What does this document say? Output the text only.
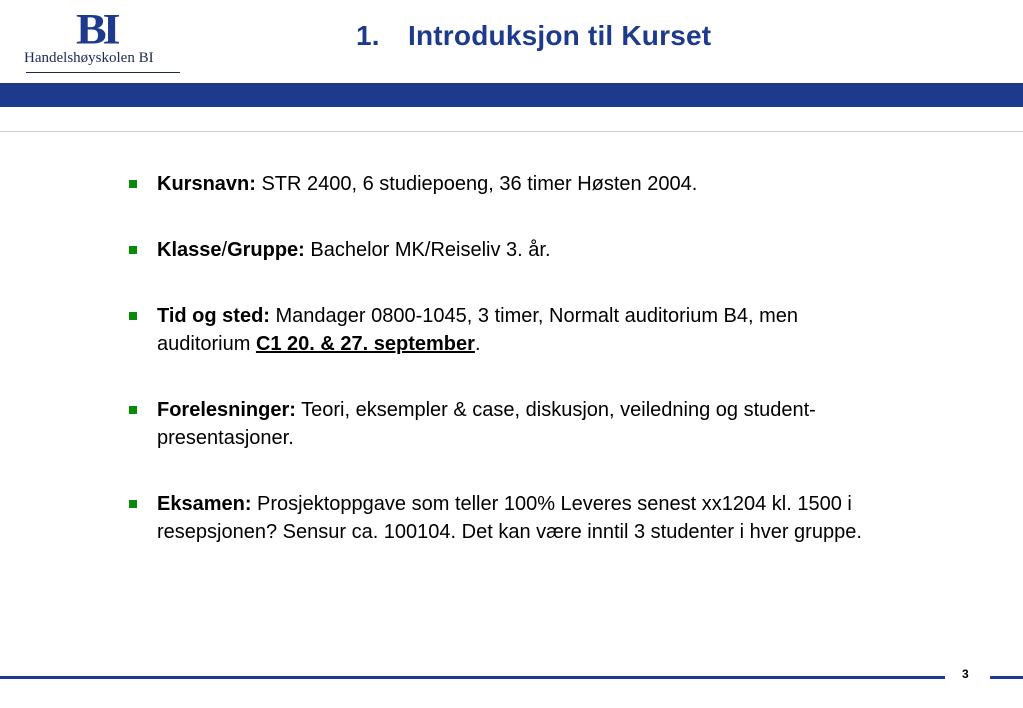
BI
Handelshøyskolen BI
1. Introduksjon til Kurset
Kursnavn: STR 2400, 6 studiepoeng, 36 timer Høsten 2004.
Klasse/Gruppe: Bachelor MK/Reiseliv 3. år.
Tid og sted: Mandager 0800-1045, 3 timer, Normalt auditorium B4, men auditorium C1 20. & 27. september.
Forelesninger: Teori, eksempler & case, diskusjon, veiledning og student-presentasjoner.
Eksamen: Prosjektoppgave som teller 100% Leveres senest xx1204 kl. 1500 i resepsjonen? Sensur ca. 100104. Det kan være inntil 3 studenter i hver gruppe.
3
